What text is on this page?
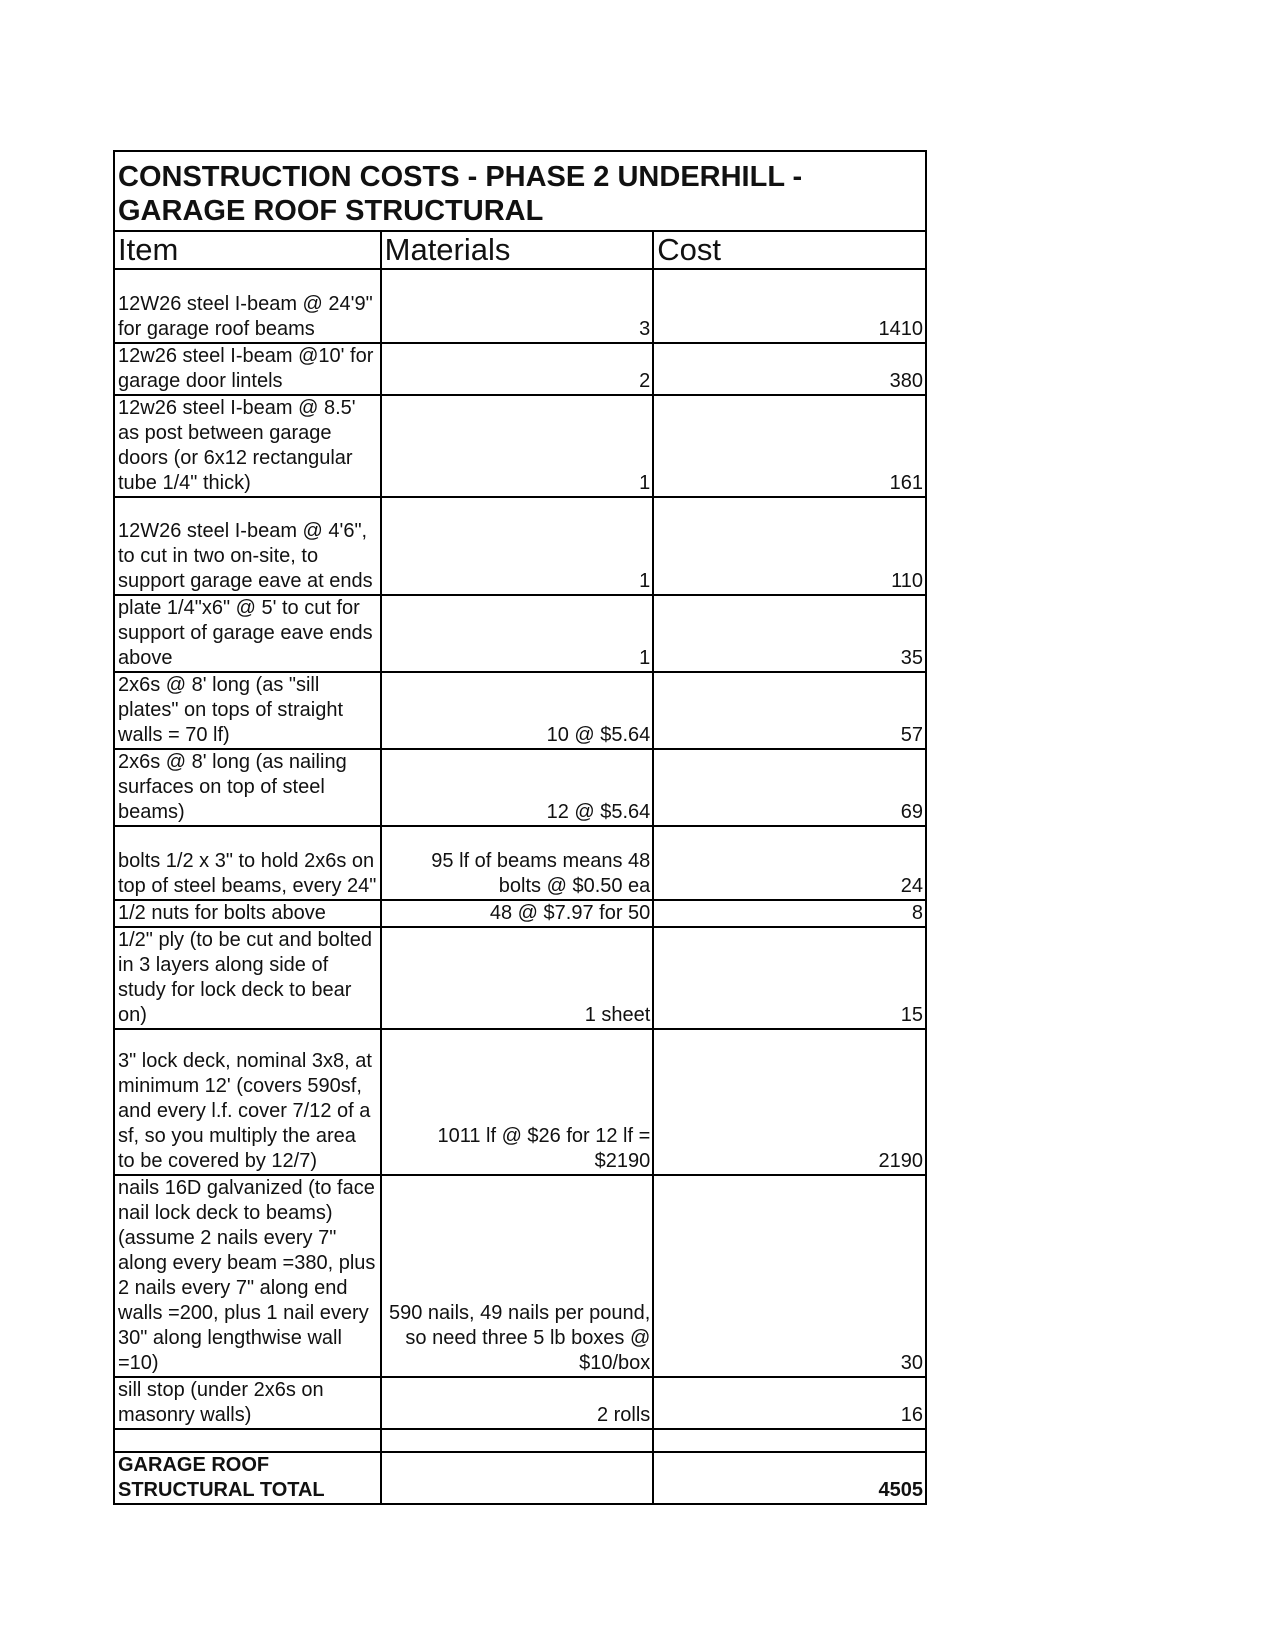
CONSTRUCTION COSTS - PHASE 2 UNDERHILL - GARAGE ROOF STRUCTURAL		
Item	Materials	Cost
12W26 steel I-beam @ 24'9" for garage roof beams	3	1410
12w26 steel I-beam @10' for garage door lintels	2	380
12w26 steel I-beam @ 8.5' as post between garage doors (or 6x12 rectangular tube 1/4" thick)	1	161
12W26 steel I-beam @ 4'6", to cut in two on-site, to support garage eave at ends	1	110
plate 1/4"x6" @ 5' to cut for support of garage eave ends above	1	35
2x6s @ 8' long (as "sill plates" on tops of straight walls = 70 lf)	10 @ $5.64	57
2x6s @ 8' long (as nailing surfaces on top of steel beams)	12 @ $5.64	69
bolts 1/2 x 3" to hold 2x6s on top of steel beams, every 24"	95 lf of beams means 48 bolts @ $0.50 ea	24
1/2 nuts for bolts above	48 @ $7.97 for 50	8
1/2" ply (to be cut and bolted in 3 layers along side of study for lock deck to bear on)	1 sheet	15
3" lock deck, nominal 3x8, at minimum 12' (covers 590sf, and every l.f. cover 7/12 of a sf, so you multiply the area to be covered by 12/7)	1011 lf @ $26 for 12 lf = $2190	2190
nails 16D galvanized (to face nail lock deck to beams)(assume 2 nails every 7" along every beam =380, plus 2 nails every 7" along end walls =200, plus 1 nail every 30" along lengthwise wall =10)	590 nails, 49 nails per pound, so need three 5 lb boxes @ $10/box	30
sill stop (under 2x6s on masonry walls)	2 rolls	16

GARAGE ROOF STRUCTURAL TOTAL		4505
